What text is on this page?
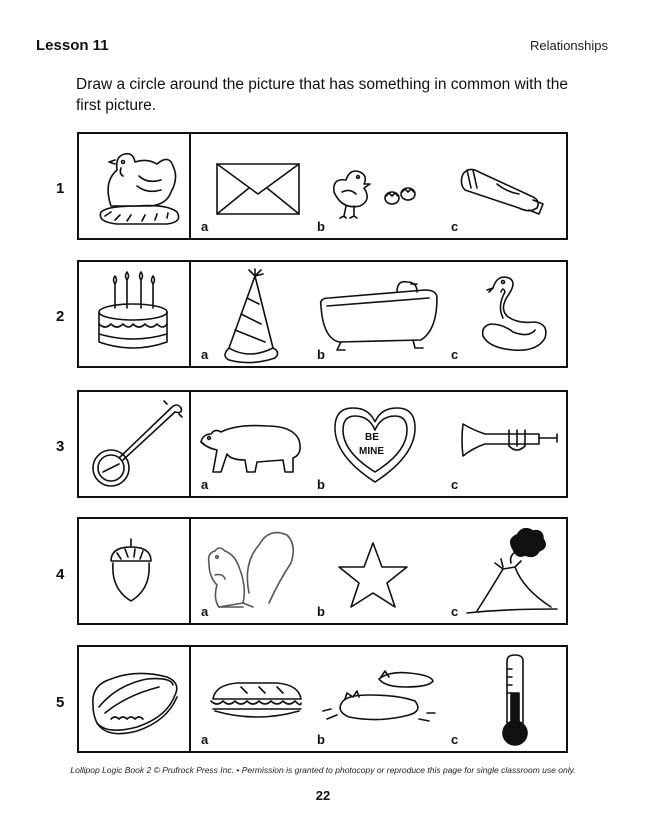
Lesson 11	Relationships
Draw a circle around the picture that has something in common with the first picture.
1
a	b	c
2
a	b	c
3
a	b
BE
MINE
c
4
a	b	c
5
a	b	c
Lollipop Logic Book 2 © Prufrock Press Inc. • Permission is granted to photocopy or reproduce this page for single classroom use only.
22
